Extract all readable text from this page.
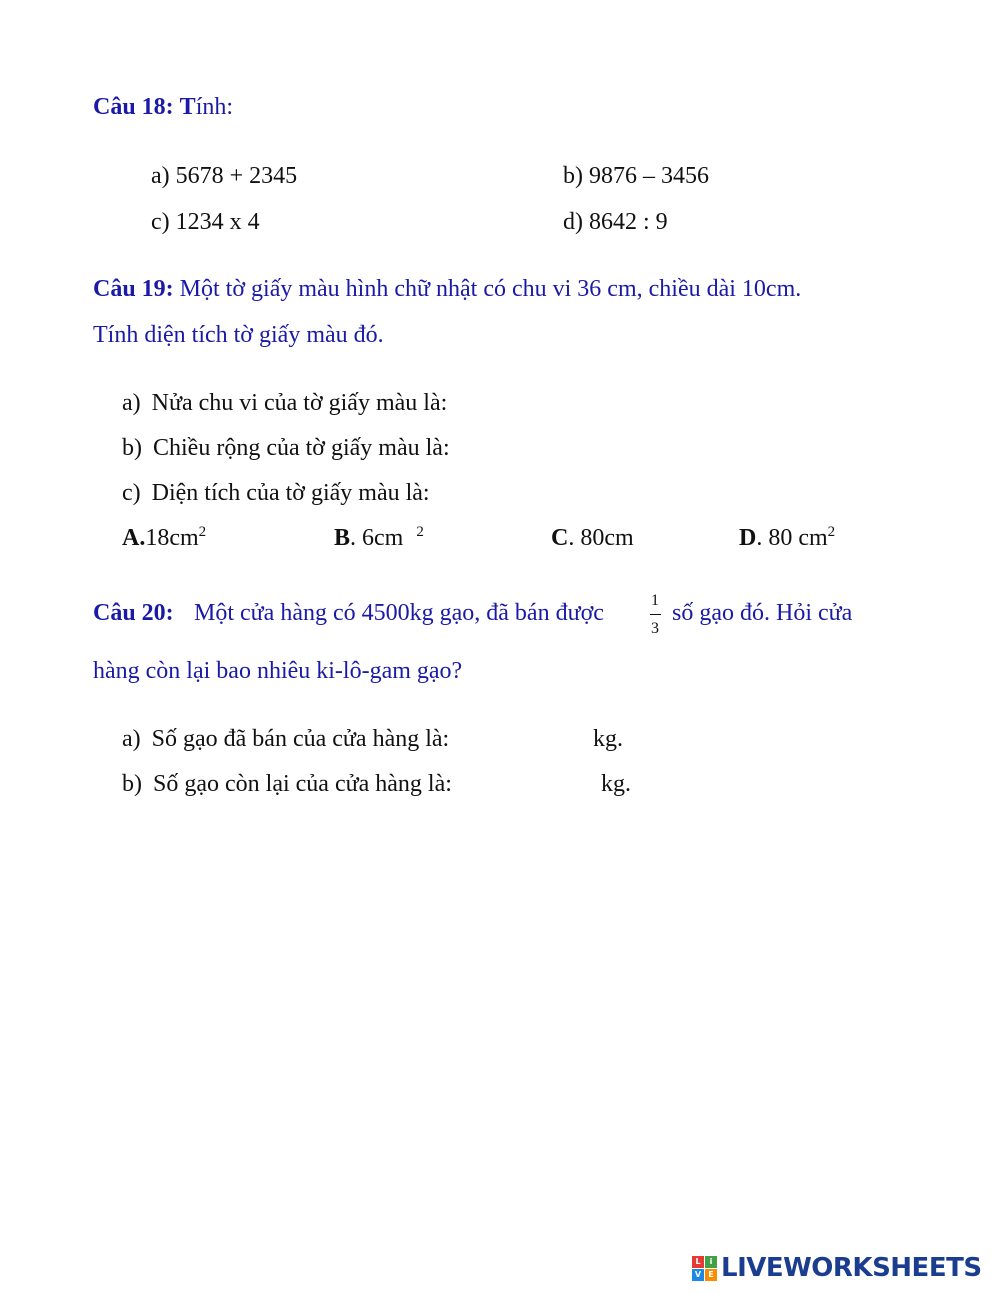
Câu 18: Tính:
a) 5678 + 2345	b) 9876 – 3456
c) 1234 x 4	d) 8642 : 9
Câu 19: Một tờ giấy màu hình chữ nhật có chu vi 36 cm, chiều dài 10cm.
Tính diện tích tờ giấy màu đó.
a) Nửa chu vi của tờ giấy màu là:
b) Chiều rộng của tờ giấy màu là:
c) Diện tích của tờ giấy màu là:
$A.18cm^2$	B. 6cm $^2$	C. 80cm	D. 80 $cm^2$
Câu 20: Một cửa hàng có 4500kg gạo, đã bán được	1
3
số gạo đó. Hỏi cửa
hàng còn lại bao nhiêu ki-lô-gam gạo?
a) Số gạo đã bán của cửa hàng là:	kg.
b) Số gạo còn lại của cửa hàng là:	kg.
L	i
V E LIVEWORKSHEETS
